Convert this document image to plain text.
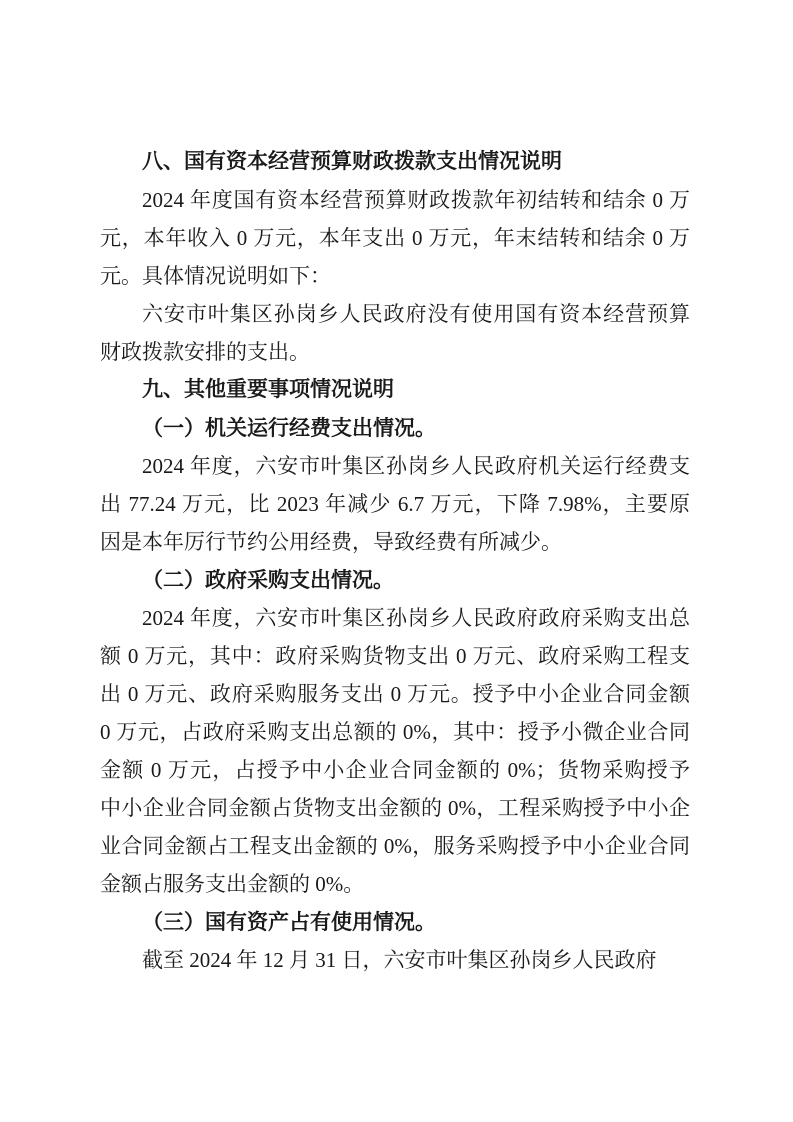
八、国有资本经营预算财政拨款支出情况说明
2024 年度国有资本经营预算财政拨款年初结转和结余 0 万
元，本年收入 0 万元，本年支出 0 万元，年末结转和结余 0 万
元。具体情况说明如下：
六安市叶集区孙岗乡人民政府没有使用国有资本经营预算
财政拨款安排的支出。
九、其他重要事项情况说明
（一）机关运行经费支出情况。
2024 年度，六安市叶集区孙岗乡人民政府机关运行经费支
出 77.24 万元，比 2023 年减少 6.7 万元，下降 7.98%，主要原
因是本年厉行节约公用经费，导致经费有所减少。
（二）政府采购支出情况。
2024 年度，六安市叶集区孙岗乡人民政府政府采购支出总
额 0 万元，其中：政府采购货物支出 0 万元、政府采购工程支
出 0 万元、政府采购服务支出 0 万元。授予中小企业合同金额
0 万元，占政府采购支出总额的 0%，其中：授予小微企业合同
金额 0 万元，占授予中小企业合同金额的 0%；货物采购授予
中小企业合同金额占货物支出金额的 0%，工程采购授予中小企
业合同金额占工程支出金额的 0%，服务采购授予中小企业合同
金额占服务支出金额的 0%。
（三）国有资产占有使用情况。
截至 2024 年 12 月 31 日，六安市叶集区孙岗乡人民政府
